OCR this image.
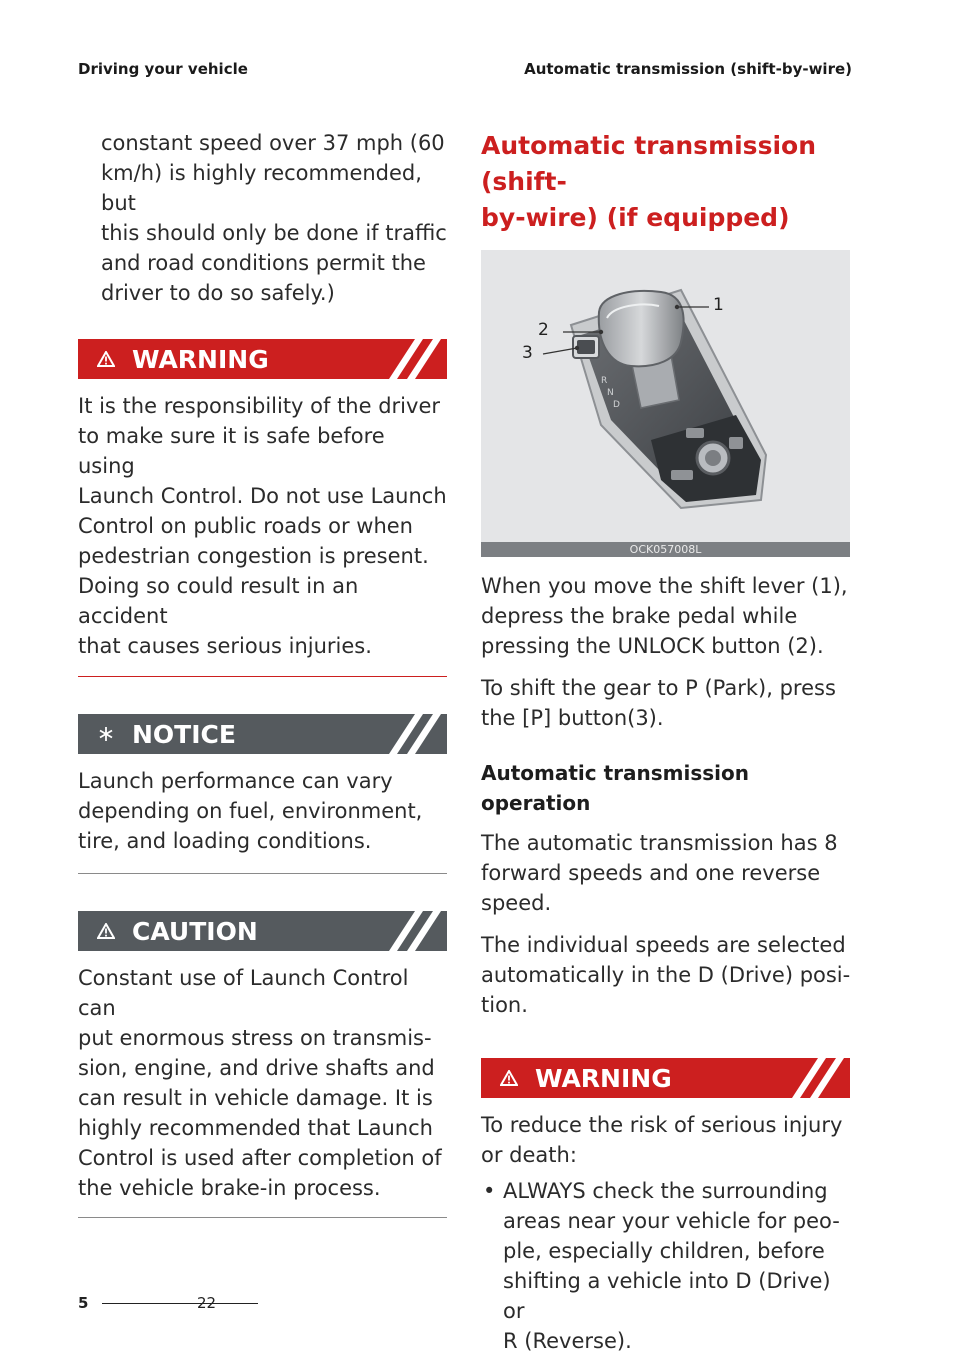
Driving your vehicle	Automatic transmission (shift-by-wire)
constant speed over 37 mph (60
km/h) is highly recommended, but
this should only be done if traffic
and road conditions permit the
driver to do so safely.)
WARNING
It is the responsibility of the driver
to make sure it is safe before using
Launch Control. Do not use Launch
Control on public roads or when
pedestrian congestion is present.
Doing so could result in an accident
that causes serious injuries.
NOTICE
Launch performance can vary
depending on fuel, environment,
tire, and loading conditions.
CAUTION
Constant use of Launch Control can
put enormous stress on transmis-
sion, engine, and drive shafts and
can result in vehicle damage. It is
highly recommended that Launch
Control is used after completion of
the vehicle brake-in process.
Automatic transmission (shift-
by-wire) (if equipped)
R
N
D
1
2
3
OCK057008L
When you move the shift lever (1),
depress the brake pedal while
pressing the UNLOCK button (2).
To shift the gear to P (Park), press
the [P] button(3).
Automatic transmission operation
The automatic transmission has 8
forward speeds and one reverse
speed.
The individual speeds are selected
automatically in the D (Drive) posi-
tion.
WARNING
To reduce the risk of serious injury
or death:
• ALWAYS check the surrounding
areas near your vehicle for peo-
ple, especially children, before
shifting a vehicle into D (Drive) or
R (Reverse).
5	22
